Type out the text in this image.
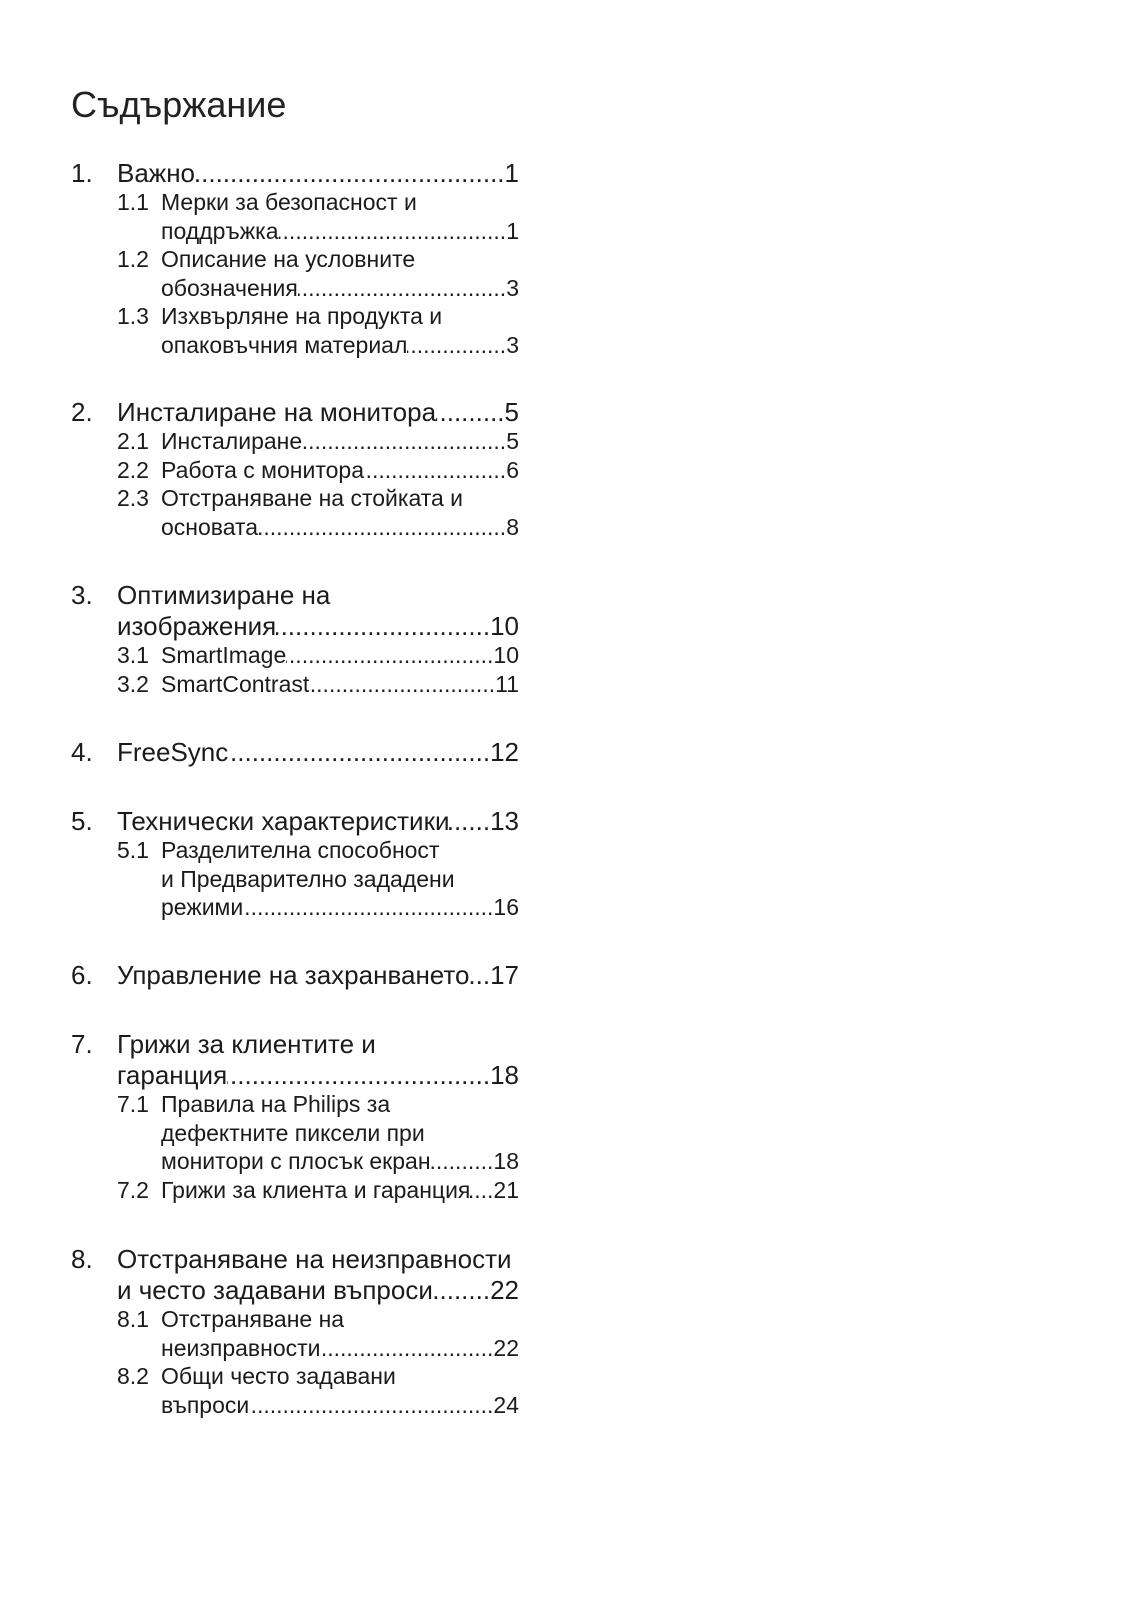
Съдържание
1. Важно .....	1
1.1 Мерки за безопасност и
поддръжка .....	1
1.2 Описание на условните
обозначения .....	3
1.3 Изхвърляне на продукта и
опаковъчния материал .....	3
2. Инсталиране на монитора .....	5
2.1 Инсталиране .....	5
2.2 Работа с монитора .....	6
2.3 Отстраняване на стойката и
основата .....	8
3. Оптимизиране на
изображения .....	10
3.1 SmartImage .....	10
3.2 SmartContrast .....	11
4. FreeSync .....	12
5. Технически характеристики ..... 13
5.1 Разделителна способност
и Предварително зададени
режими .....	16
6. Управление на захранването ..... 17
7. Грижи за клиентите и
гаранция .....	18
7.1 Правила на Philips за
дефектните пиксели при
монитори с плосък екран .....	18
7.2 Грижи за клиента и гаранция ..... 21
8. Отстраняване на неизправности
и често задавани въпроси ..... 22
8.1 Отстраняване на
неизправности .....	22
8.2 Общи често задавани
въпроси .....	24
